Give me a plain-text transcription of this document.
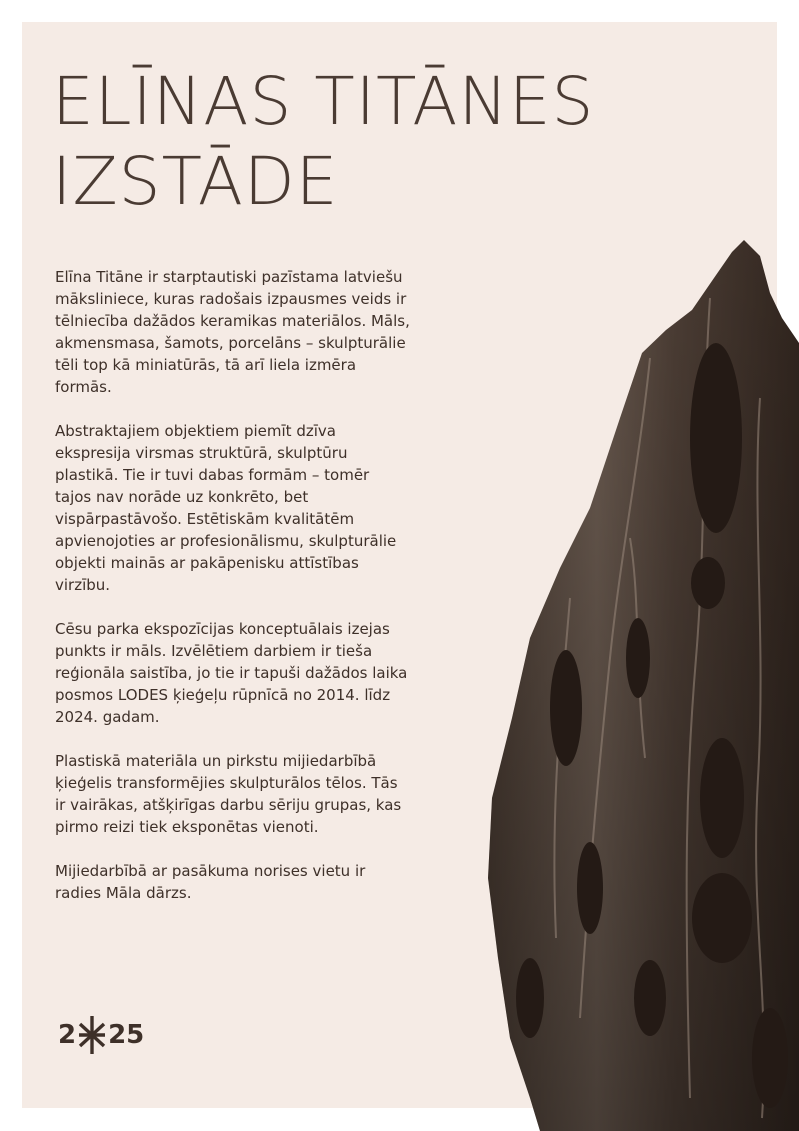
ELĪNAS TITĀNES
IZSTĀDE

Elīna Titāne ir starptautiski pazīstama latviešu
māksliniece, kuras radošais izpausmes veids ir
tēlniecība dažādos keramikas materiālos. Māls,
akmensmasa, šamots, porcelāns – skulpturālie
tēli top kā miniatūrās, tā arī liela izmēra
formās.

Abstraktajiem objektiem piemīt dzīva
ekspresija virsmas struktūrā, skulptūru
plastikā. Tie ir tuvi dabas formām – tomēr
tajos nav norāde uz konkrēto, bet
vispārpastāvošo. Estētiskām kvalitātēm
apvienojoties ar profesionālismu, skulpturālie
objekti mainās ar pakāpenisku attīstības
virzību.

Cēsu parka ekspozīcijas konceptuālais izejas
punkts ir māls. Izvēlētiem darbiem ir tieša
reģionāla saistība, jo tie ir tapuši dažādos laika
posmos LODES ķieģeļu rūpnīcā no 2014. līdz
2024. gadam.

Plastiskā materiāla un pirkstu mijiedarbībā
ķieģelis transformējies skulpturālos tēlos. Tās
ir vairākas, atšķirīgas darbu sēriju grupas, kas
pirmo reizi tiek eksponētas vienoti.

Mijiedarbībā ar pasākuma norises vietu ir
radies Māla dārzs.

2 25
